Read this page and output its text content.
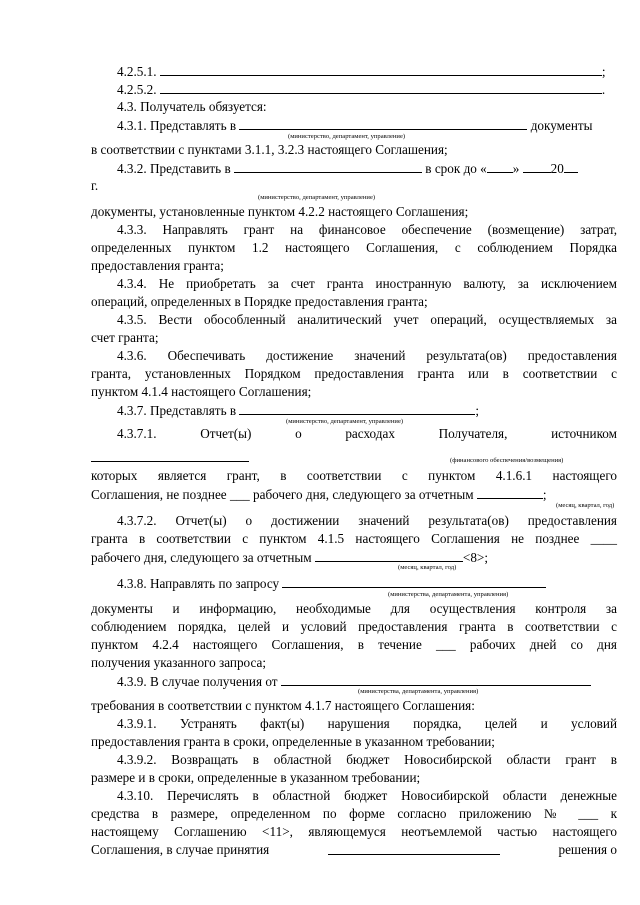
4.2.5.1.	;
4.2.5.2.	.
4.3. Получатель обязуется:
4.3.1. Представлять в	документы
(министерство, департамент, управление)
в соответствии с пунктами 3.1.1, 3.2.3 настоящего Соглашения;
4.3.2. Представить в	в срок до « » 20
г.
(министерство, департамент, управление)
документы, установленные пунктом 4.2.2 настоящего Соглашения;
4.3.3. Направлять грант на финансовое обеспечение (возмещение) затрат,
определенных пунктом 1.2 настоящего Соглашения, с соблюдением Порядка
предоставления гранта;
4.3.4. Не приобретать за счет гранта иностранную валюту, за исключением
операций, определенных в Порядке предоставления гранта;
4.3.5. Вести обособленный аналитический учет операций, осуществляемых за
счет гранта;
4.3.6. Обеспечивать достижение значений результата(ов) предоставления
гранта, установленных Порядком предоставления гранта или в соответствии с
пунктом 4.1.4 настоящего Соглашения;
4.3.7. Представлять в	;
(министерство, департамент, управление)
4.3.7.1. Отчет(ы) о расходах Получателя, источником
(финансового обеспечения/возмещения)
которых является грант, в соответствии с пунктом 4.1.6.1 настоящего
Соглашения, не позднее ___ рабочего дня, следующего за отчетным	;
(месяц, квартал, год)
4.3.7.2. Отчет(ы) о достижении значений результата(ов) предоставления
гранта в соответствии с пунктом 4.1.5 настоящего Соглашения не позднее ____
рабочего дня, следующего за отчетным	<8>;
(месяц, квартал, год)
4.3.8. Направлять по запросу
(министерства, департамента, управления)
документы и информацию, необходимые для осуществления контроля за
соблюдением порядка, целей и условий предоставления гранта в соответствии с
пунктом 4.2.4 настоящего Соглашения, в течение ___ рабочих дней со дня
получения указанного запроса;
4.3.9. В случае получения от
(министерства, департамента, управления)
требования в соответствии с пунктом 4.1.7 настоящего Соглашения:
4.3.9.1. Устранять факт(ы) нарушения порядка, целей и условий
предоставления гранта в сроки, определенные в указанном требовании;
4.3.9.2. Возвращать в областной бюджет Новосибирской области грант в
размере и в сроки, определенные в указанном требовании;
4.3.10. Перечислять в областной бюджет Новосибирской области денежные
средства в размере, определенном по форме согласно приложению № ___ к
настоящему Соглашению <11>, являющемуся неотъемлемой частью настоящего
Соглашения, в случае принятия	решения о
